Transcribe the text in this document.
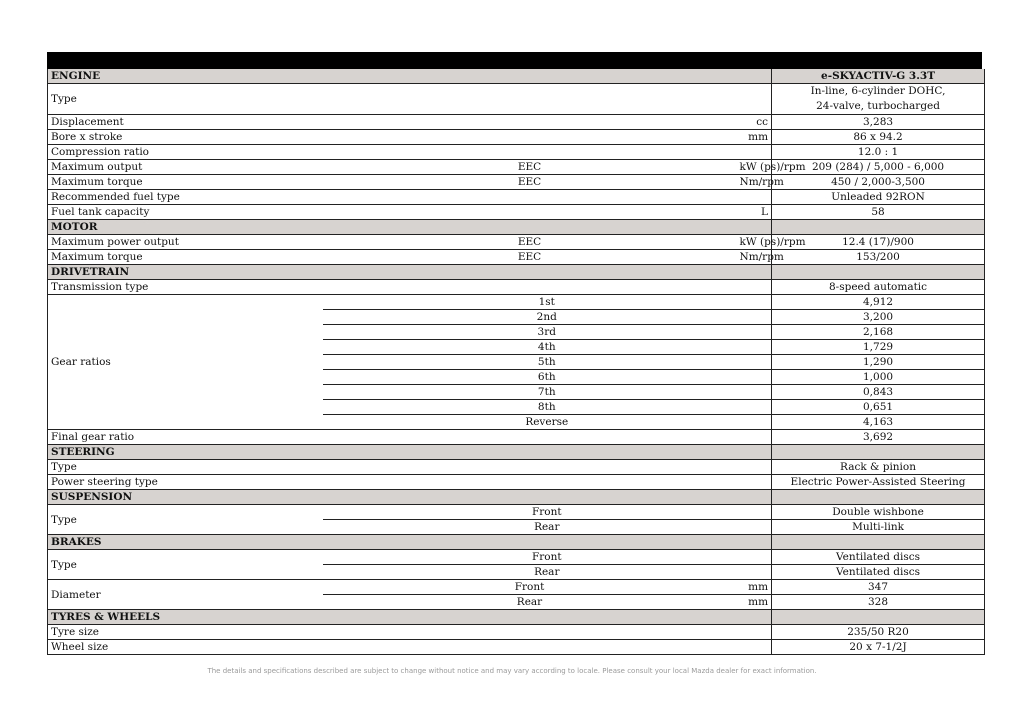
ENGINE			e-SKYACTIV-G 3.3T
Type			In-line, 6-cylinder DOHC,
24-valve, turbocharged
Displacement		cc	3,283
Bore x stroke		mm	86 x 94.2
Compression ratio			12.0 : 1
Maximum output	EEC	kW (ps)/rpm	209 (284) / 5,000 - 6,000
Maximum torque	EEC	Nm/rpm	450 / 2,000-3,500
Recommended fuel type			Unleaded 92RON
Fuel tank capacity		L	58
MOTOR			
Maximum power output	EEC	kW (ps)/rpm	12.4 (17)/900
Maximum torque	EEC	Nm/rpm	153/200
DRIVETRAIN			
Transmission type			8-speed automatic
Gear ratios	1st		4,912
	2nd		3,200
	3rd		2,168
	4th		1,729
	5th		1,290
	6th		1,000
	7th		0,843
	8th		0,651
	Reverse		4,163
Final gear ratio			3,692
STEERING			
Type			Rack & pinion
Power steering type			Electric Power-Assisted Steering
SUSPENSION			
Type	Front		Double wishbone
	Rear		Multi-link
BRAKES			
Type	Front		Ventilated discs
	Rear		Ventilated discs
Diameter	Front	mm	347
	Rear	mm	328
TYRES & WHEELS			
Tyre size			235/50 R20
Wheel size			20 x 7-1/2J
The details and specifications described are subject to change without notice and may vary according to locale. Please consult your local Mazda dealer for exact information.
